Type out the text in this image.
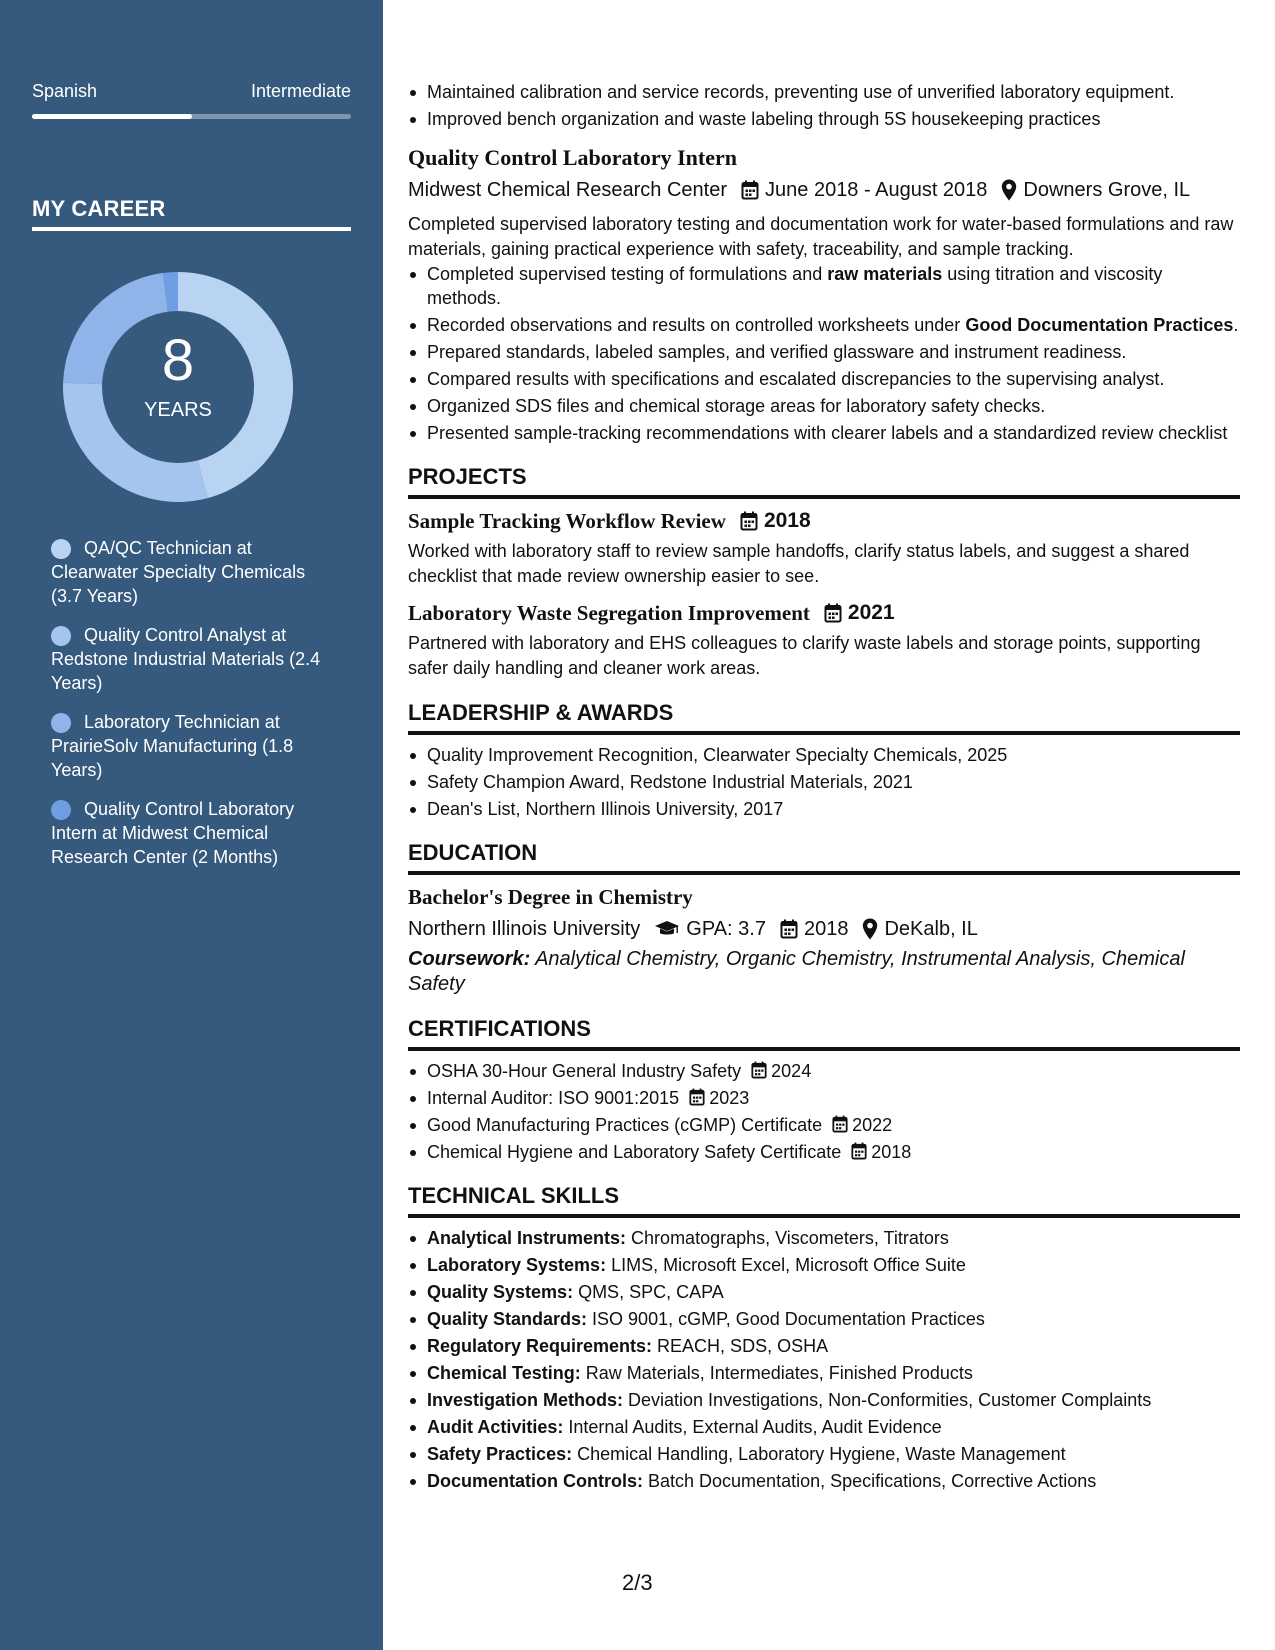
Spanish	Intermediate
MY CAREER
8
YEARS
QA/QC Technician at Clearwater Specialty Chemicals (3.7 Years)
Quality Control Analyst at Redstone Industrial Materials (2.4 Years)
Laboratory Technician at PrairieSolv Manufacturing (1.8 Years)
Quality Control Laboratory Intern at Midwest Chemical Research Center (2 Months)
Maintained calibration and service records, preventing use of unverified laboratory equipment.
Improved bench organization and waste labeling through 5S housekeeping practices
Quality Control Laboratory Intern
Midwest Chemical Research Center June 2018 - August 2018 Downers Grove, IL

Completed supervised laboratory testing and documentation work for water-based formulations and raw materials, gaining practical experience with safety, traceability, and sample tracking.

Completed supervised testing of formulations and raw materials using titration and viscosity methods.
Recorded observations and results on controlled worksheets under Good Documentation Practices.
Prepared standards, labeled samples, and verified glassware and instrument readiness.
Compared results with specifications and escalated discrepancies to the supervising analyst.
Organized SDS files and chemical storage areas for laboratory safety checks.
Presented sample-tracking recommendations with clearer labels and a standardized review checklist
PROJECTS
Sample Tracking Workflow Review 2018

Worked with laboratory staff to review sample handoffs, clarify status labels, and suggest a shared checklist that made review ownership easier to see.

Laboratory Waste Segregation Improvement 2021

Partnered with laboratory and EHS colleagues to clarify waste labels and storage points, supporting safer daily handling and cleaner work areas.

LEADERSHIP & AWARDS
Quality Improvement Recognition, Clearwater Specialty Chemicals, 2025
Safety Champion Award, Redstone Industrial Materials, 2021
Dean's List, Northern Illinois University, 2017
EDUCATION
Bachelor's Degree in Chemistry
Northern Illinois University GPA: 3.7 2018 DeKalb, IL

Coursework: Analytical Chemistry, Organic Chemistry, Instrumental Analysis, Chemical Safety

CERTIFICATIONS
OSHA 30-Hour General Industry Safety 2024
Internal Auditor: ISO 9001:2015 2023
Good Manufacturing Practices (cGMP) Certificate 2022
Chemical Hygiene and Laboratory Safety Certificate 2018
TECHNICAL SKILLS
Analytical Instruments: Chromatographs, Viscometers, Titrators
Laboratory Systems: LIMS, Microsoft Excel, Microsoft Office Suite
Quality Systems: QMS, SPC, CAPA
Quality Standards: ISO 9001, cGMP, Good Documentation Practices
Regulatory Requirements: REACH, SDS, OSHA
Chemical Testing: Raw Materials, Intermediates, Finished Products
Investigation Methods: Deviation Investigations, Non-Conformities, Customer Complaints
Audit Activities: Internal Audits, External Audits, Audit Evidence
Safety Practices: Chemical Handling, Laboratory Hygiene, Waste Management
Documentation Controls: Batch Documentation, Specifications, Corrective Actions
2/3
